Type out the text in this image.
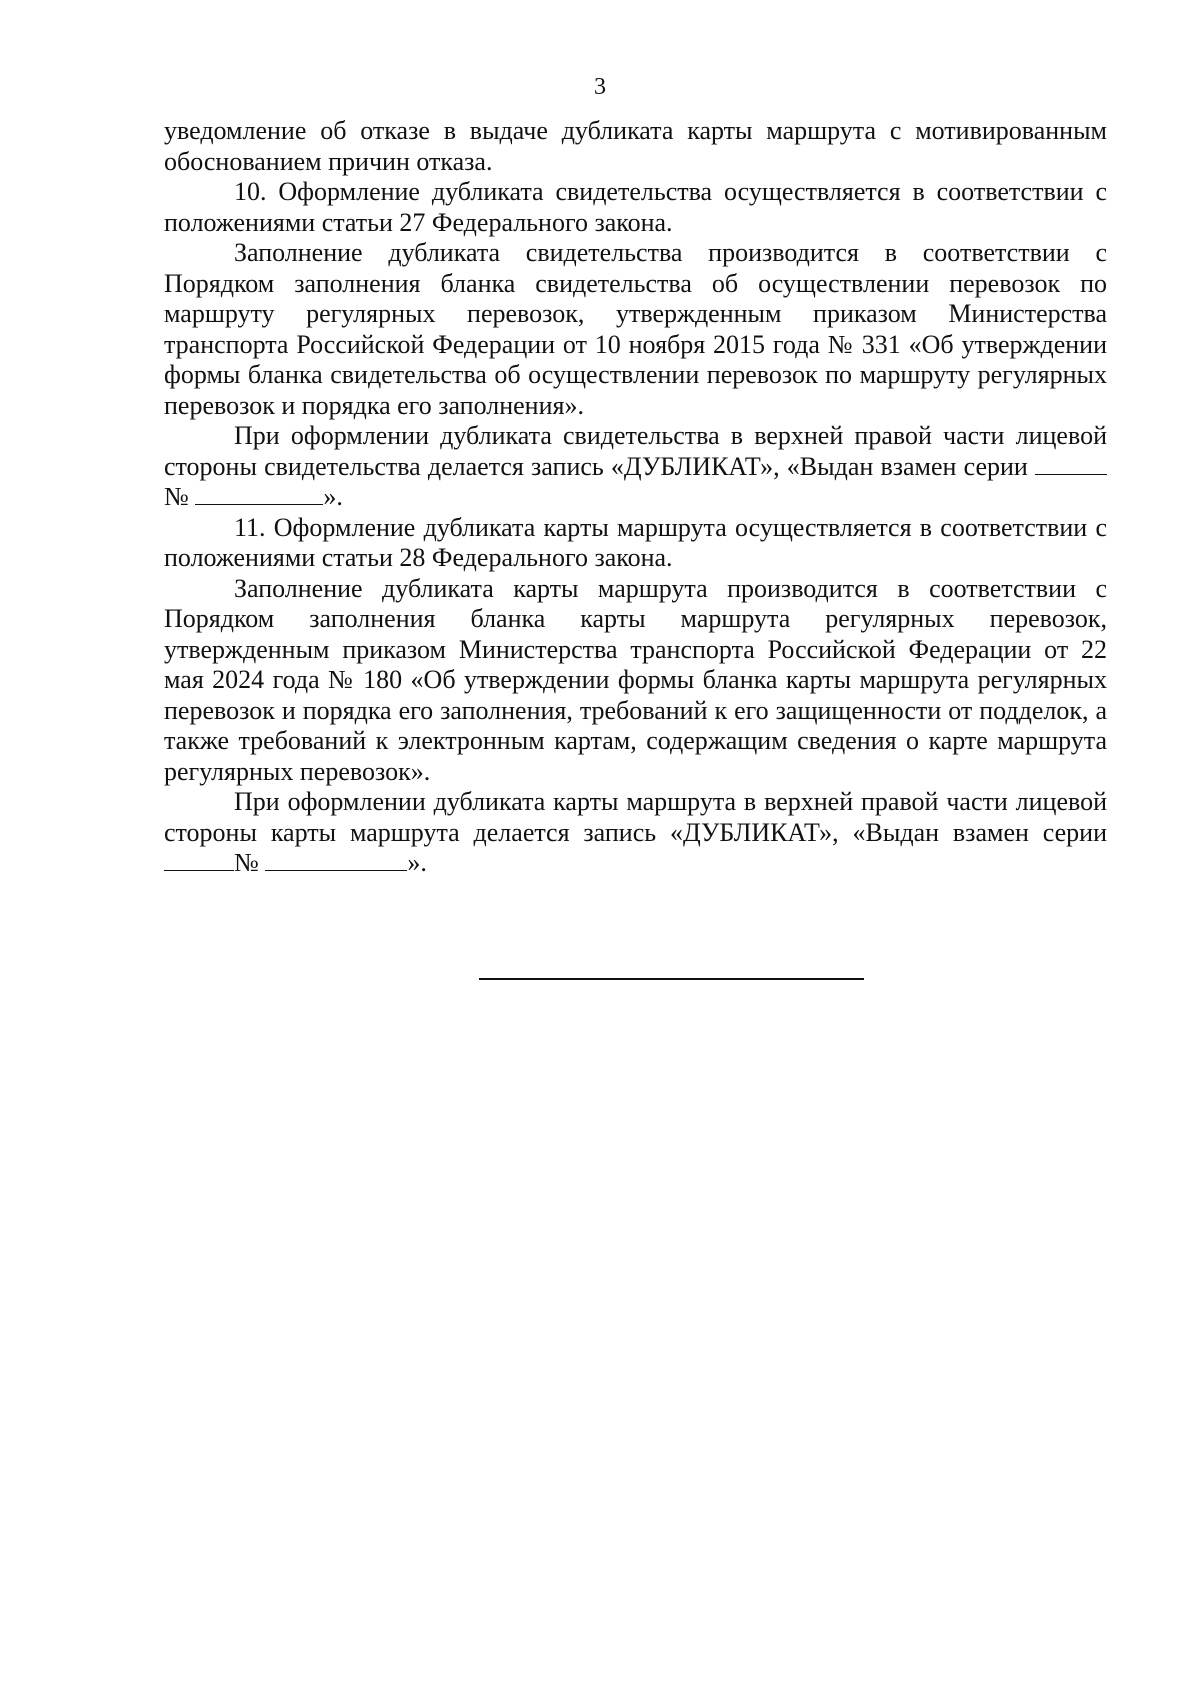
3

уведомление об отказе в выдаче дубликата карты маршрута с мотивированным обоснованием причин отказа.

10. Оформление дубликата свидетельства осуществляется в соответствии с положениями статьи 27 Федерального закона.

Заполнение дубликата свидетельства производится в соответствии с Порядком заполнения бланка свидетельства об осуществлении перевозок по маршруту регулярных перевозок, утвержденным приказом Министерства транспорта Российской Федерации от 10 ноября 2015 года № 331 «Об утверждении формы бланка свидетельства об осуществлении перевозок по маршруту регулярных перевозок и порядка его заполнения».

При оформлении дубликата свидетельства в верхней правой части лицевой стороны свидетельства делается запись «ДУБЛИКАТ», «Выдан взамен серии №	».

11. Оформление дубликата карты маршрута осуществляется в соответствии с положениями статьи 28 Федерального закона.

Заполнение дубликата карты маршрута производится в соответствии с Порядком заполнения бланка карты маршрута регулярных перевозок, утвержденным приказом Министерства транспорта Российской Федерации от 22 мая 2024 года № 180 «Об утверждении формы бланка карты маршрута регулярных перевозок и порядка его заполнения, требований к его защищенности от подделок, а также требований к электронным картам, содержащим сведения о карте маршрута регулярных перевозок».

При оформлении дубликата карты маршрута в верхней правой части лицевой стороны карты маршрута делается запись «ДУБЛИКАТ», «Выдан взамен серии №	».
